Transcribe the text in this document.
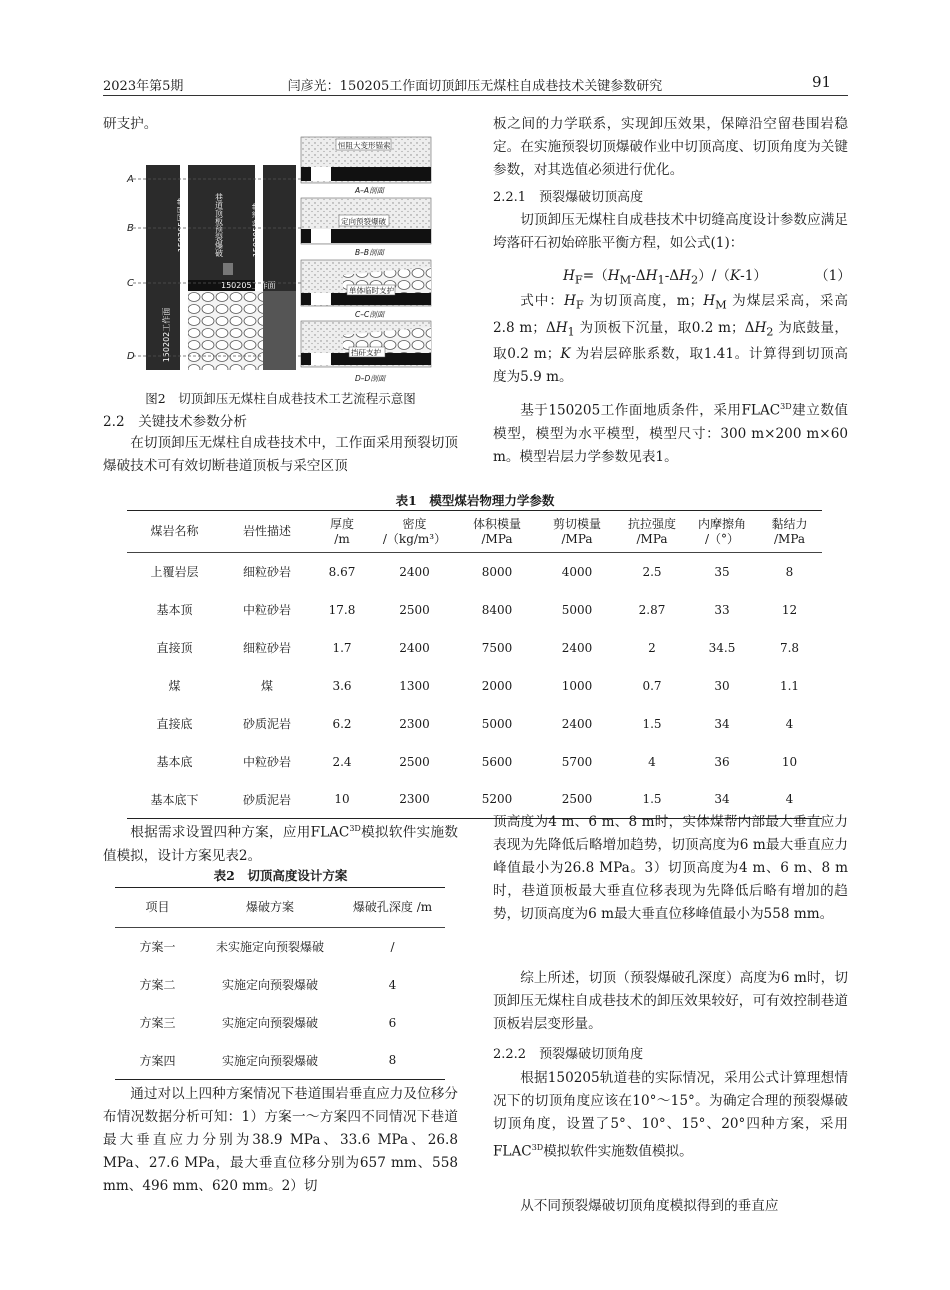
2023年第5期	闫彦光：150205工作面切顶卸压无煤柱自成巷技术关键参数研究	91

研支护。

150205回风巷	150205轨道巷
巷道顶板预裂爆破
150205工作面
150202工作面
A
B
C
D
恒阻大变形锚索
A–A剖面
定向预裂爆破
B–B剖面
单体临时支护
C–C剖面
挡矸支护
D–D剖面
图2　切顶卸压无煤柱自成巷技术工艺流程示意图
2.2　关键技术参数分析

在切顶卸压无煤柱自成巷技术中，工作面采用预裂切顶爆破技术可有效切断巷道顶板与采空区顶

板之间的力学联系，实现卸压效果，保障沿空留巷围岩稳定。在实施预裂切顶爆破作业中切顶高度、切顶角度为关键参数，对其选值必须进行优化。

2.2.1　预裂爆破切顶高度

切顶卸压无煤柱自成巷技术中切缝高度设计参数应满足垮落矸石初始碎胀平衡方程，如公式(1)：

$H_F=(H_M-\Delta H_1-\Delta H_2)/(K-1)$	（1）

式中：$H_F$ 为切顶高度，m；$H_M$ 为煤层采高，采高2.8 m；$\Delta H_1$ 为顶板下沉量，取0.2 m；$\Delta H_2$ 为底鼓量，取0.2 m；K 为岩层碎胀系数，取1.41。计算得到切顶高度为5.9 m。

基于150205工作面地质条件，采用$FLAC^{3D}$建立数值模型，模型为水平模型，模型尺寸：300 m×200 m×60 m。模型岩层力学参数见表1。

表1　模型煤岩物理力学参数
煤岩名称	岩性描述	厚度
/m	密度
/（kg/m³）	体积模量
/MPa	剪切模量
/MPa	抗拉强度
/MPa	内摩擦角
/（°）	黏结力
/MPa
上覆岩层	细粒砂岩	8.67	2400	8000	4000	2.5	35	8
基本顶	中粒砂岩	17.8	2500	8400	5000	2.87	33	12
直接顶	细粒砂岩	1.7	2400	7500	2400	2	34.5	7.8
煤	煤	3.6	1300	2000	1000	0.7	30	1.1
直接底	砂质泥岩	6.2	2300	5000	2400	1.5	34	4
基本底	中粒砂岩	2.4	2500	5600	5700	4	36	10
基本底下	砂质泥岩	10	2300	5200	2500	1.5	34	4

根据需求设置四种方案，应用$FLAC^{3D}$模拟软件实施数值模拟，设计方案见表2。

表2　切顶高度设计方案
项目	爆破方案	爆破孔深度 /m
方案一	未实施定向预裂爆破	/
方案二	实施定向预裂爆破	4
方案三	实施定向预裂爆破	6
方案四	实施定向预裂爆破	8

通过对以上四种方案情况下巷道围岩垂直应力及位移分布情况数据分析可知：1）方案一～方案四不同情况下巷道最大垂直应力分别为38.9 MPa、33.6 MPa、26.8 MPa、27.6 MPa，最大垂直位移分别为657 mm、558 mm、496 mm、620 mm。2）切

顶高度为4 m、6 m、8 m时，实体煤帮内部最大垂直应力表现为先降低后略增加趋势，切顶高度为6 m最大垂直应力峰值最小为26.8 MPa。3）切顶高度为4 m、6 m、8 m时，巷道顶板最大垂直位移表现为先降低后略有增加的趋势，切顶高度为6 m最大垂直位移峰值最小为558 mm。

综上所述，切顶（预裂爆破孔深度）高度为6 m时，切顶卸压无煤柱自成巷技术的卸压效果较好，可有效控制巷道顶板岩层变形量。

2.2.2　预裂爆破切顶角度

根据150205轨道巷的实际情况，采用公式计算理想情况下的切顶角度应该在10°～15°。为确定合理的预裂爆破切顶角度，设置了5°、10°、15°、20°四种方案，采用$FLAC^{3D}$模拟软件实施数值模拟。

从不同预裂爆破切顶角度模拟得到的垂直应
